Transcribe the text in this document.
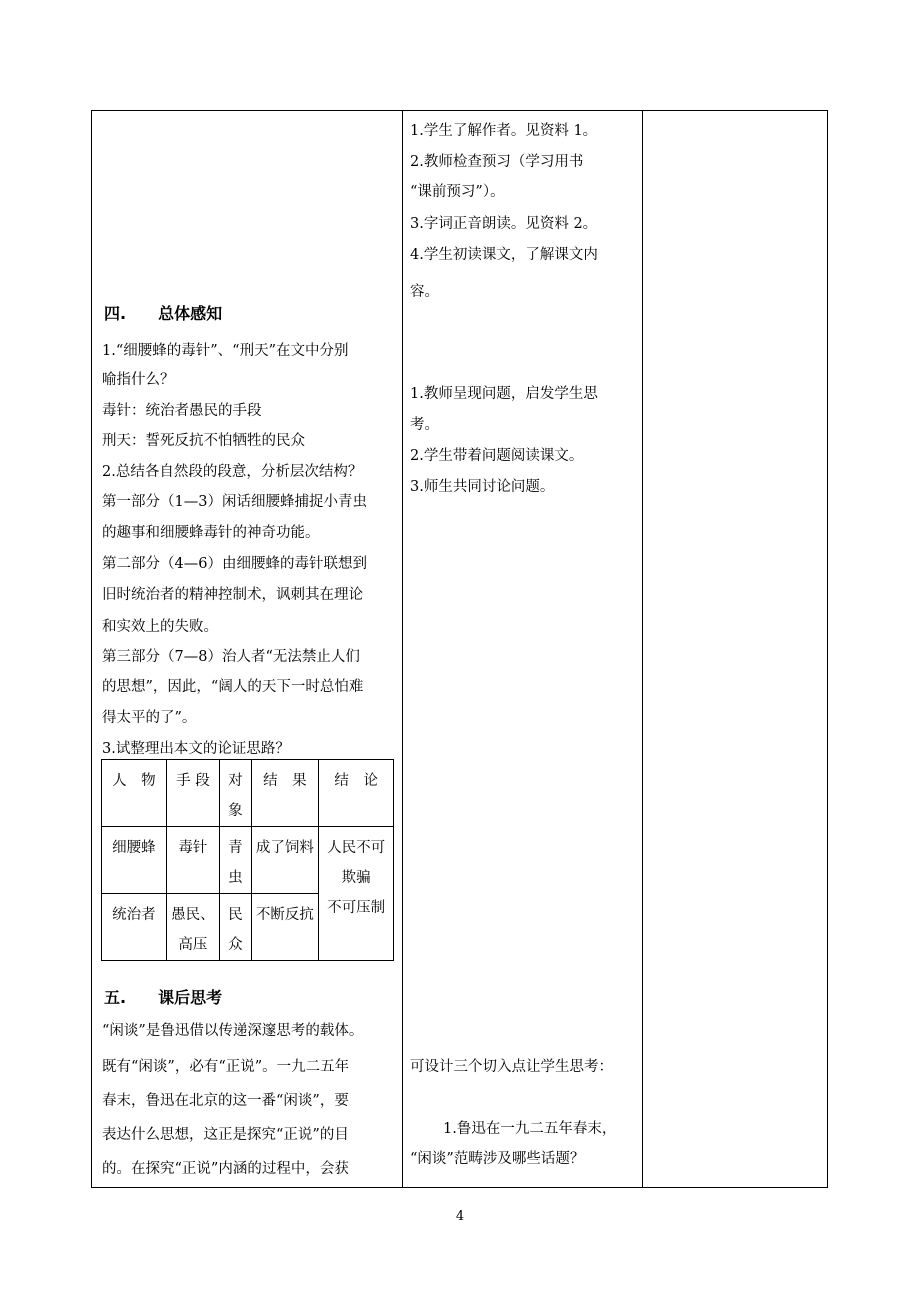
四.　　总体感知
1.“细腰蜂的毒针”、“刑天”在文中分别
喻指什么？
毒针：统治者愚民的手段
刑天：誓死反抗不怕牺牲的民众
2.总结各自然段的段意，分析层次结构？
第一部分（1—3）闲话细腰蜂捕捉小青虫
的趣事和细腰蜂毒针的神奇功能。
第二部分（4—6）由细腰蜂的毒针联想到
旧时统治者的精神控制术，讽刺其在理论
和实效上的失败。
第三部分（7—8）治人者“无法禁止人们
的思想”，因此，“阔人的天下一时总怕难
得太平的了”。
3.试整理出本文的论证思路？
人　物	手 段	对象	结　果	结　论
细腰蜂	毒针	青虫	成了饲料	人民不可欺骗
不可压制

统治者	愚民、高压	民众	不断反抗	
五.　　课后思考
“闲谈”是鲁迅借以传递深邃思考的载体。
既有“闲谈”，必有“正说”。一九二五年
春末，鲁迅在北京的这一番“闲谈”，要
表达什么思想，这正是探究“正说”的目
的。在探究“正说”内涵的过程中，会获
1.学生了解作者。见资料 1。
2.教师检查预习（学习用书
“课前预习”）。
3.字词正音朗读。见资料 2。
4.学生初读课文，了解课文内
容。
1.教师呈现问题，启发学生思
考。
2.学生带着问题阅读课文。
3.师生共同讨论问题。
可设计三个切入点让学生思考：
1.鲁迅在一九二五年春末，
“闲谈”范畴涉及哪些话题？
4
